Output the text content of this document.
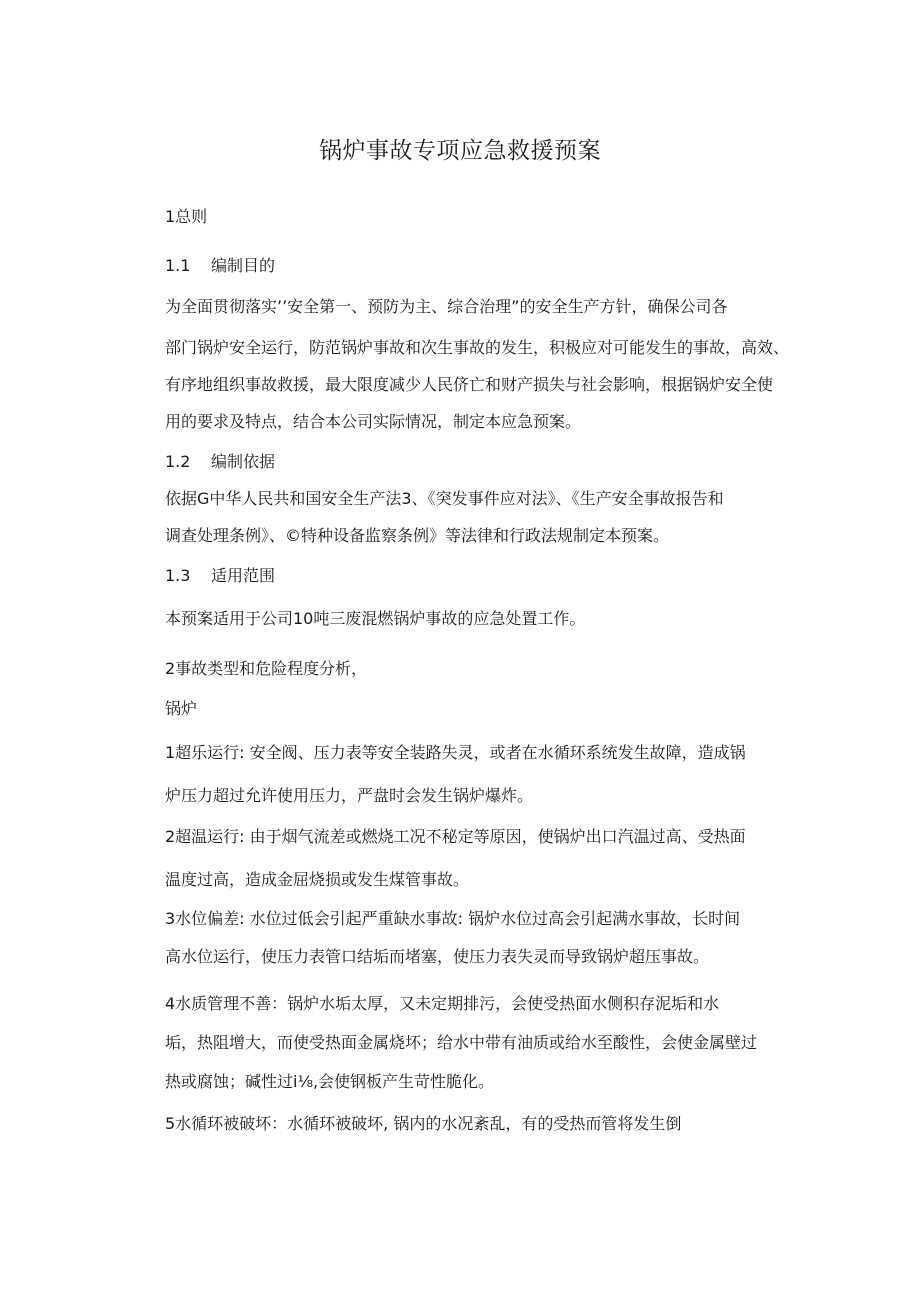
锅炉事故专项应急救援预案
1总则
1.1 编制目的
为全面贯彻落实’’安全第一、预防为主、综合治理”的安全生产方针，确保公司各
部门锅炉安全运行，防范锅炉事故和次生事故的发生，积极应对可能发生的事故，高效、
有序地组织事故救援，最大限度减少人民侪亡和财产损失与社会影响，根据锅炉安全使
用的要求及特点，结合本公司实际情况，制定本应急预案。
1.2 编制依据
依据G中华人民共和国安全生产法3、《突发事件应对法》、《生产安全事故报告和
调查处理条例》、©特种设备监察条例》等法律和行政法规制定本预案。
1.3 适用范围
本预案适用于公司10吨三废混燃锅炉事故的应急处置工作。
2事故类型和危险程度分析，
锅炉
1超乐运行: 安全阀、压力表等安全装路失灵，或者在水循环系统发生故障，造成锅
炉压力超过允许使用压力，严盘时会发生锅炉爆炸。
2超温运行: 由于烟气流差或燃烧工况不秘定等原因，使锅炉出口汽温过高、受热面
温度过高，造成金屈烧损或发生煤管事故。
3水位偏差: 水位过低会引起严重缺水事故: 锅炉水位过高会引起满水事故，长时间
高水位运行，使压力表管口结垢而堵塞，使压力表失灵而导致锅炉超压事故。
4水质管理不善：锅炉水垢太厚，又未定期排污，会使受热面水侧积存泥垢和水
垢，热阻增大，而使受热面金属烧坏；给水中带有油质或给水至酸性，会使金属壁过
热或腐蚀；碱性过i⅛,会使钢板产生苛性脆化。
5水循环被破坏：水循环被破坏, 锅内的水况紊乱，有的受热而管将发生倒
